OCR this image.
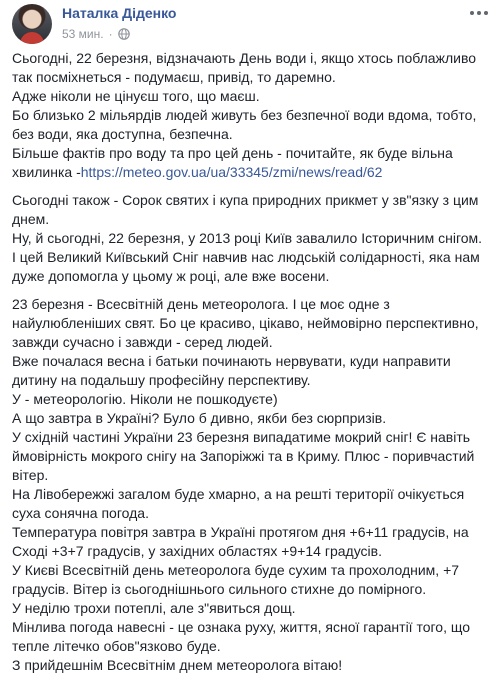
Наталка Діденко
53 мин. ·

Сьогодні, 22 березня, відзначають День води і, якщо хтось поблажливо так посміхнеться - подумаєш, привід, то даремно.

Адже ніколи не цінуєш того, що маєш.

Бо близько 2 мільярдів людей живуть без безпечної води вдома, тобто, без води, яка доступна, безпечна.

Більше фактів про воду та про цей день - почитайте, як буде вільна хвилинка -https://meteo.gov.ua/ua/33345/zmi/news/read/62

Сьогодні також - Сорок святих і купа природних прикмет у зв"язку з цим днем.

Ну, й сьогодні, 22 березня, у 2013 році Київ завалило Історичним снігом.

І цей Великий Київський Сніг навчив нас людській солідарності, яка нам дуже допомогла у цьому ж році, але вже восени.

23 березня - Всесвітній день метеоролога. І це моє одне з найулюбленіших свят. Бо це красиво, цікаво, неймовірно перспективно, завжди сучасно і завжди - серед людей.

Вже почалася весна і батьки починають нервувати, куди направити дитину на подальшу професійну перспективу.

У - метеорологію. Ніколи не пошкодуєте)

А що завтра в Україні? Було б дивно, якби без сюрпризів.

У східній частині України 23 березня випадатиме мокрий сніг! Є навіть ймовірність мокрого снігу на Запоріжжі та в Криму. Плюс - поривчастий вітер.

На Лівобережжі загалом буде хмарно, а на решті території очікується суха сонячна погода.

Температура повітря завтра в Україні протягом дня +6+11 градусів, на Сході +3+7 градусів, у західних областях +9+14 градусів.

У Києві Всесвітній день метеоролога буде сухим та прохолодним, +7 градусів. Вітер із сьогоднішнього сильного стихне до помірного.

У неділю трохи потеплі, але з"явиться дощ.

Мінлива погода навесні - це ознака руху, життя, ясної гарантії того, що тепле літечко обов"язково буде.

З прийдешнім Всесвітнім днем метеоролога вітаю!
